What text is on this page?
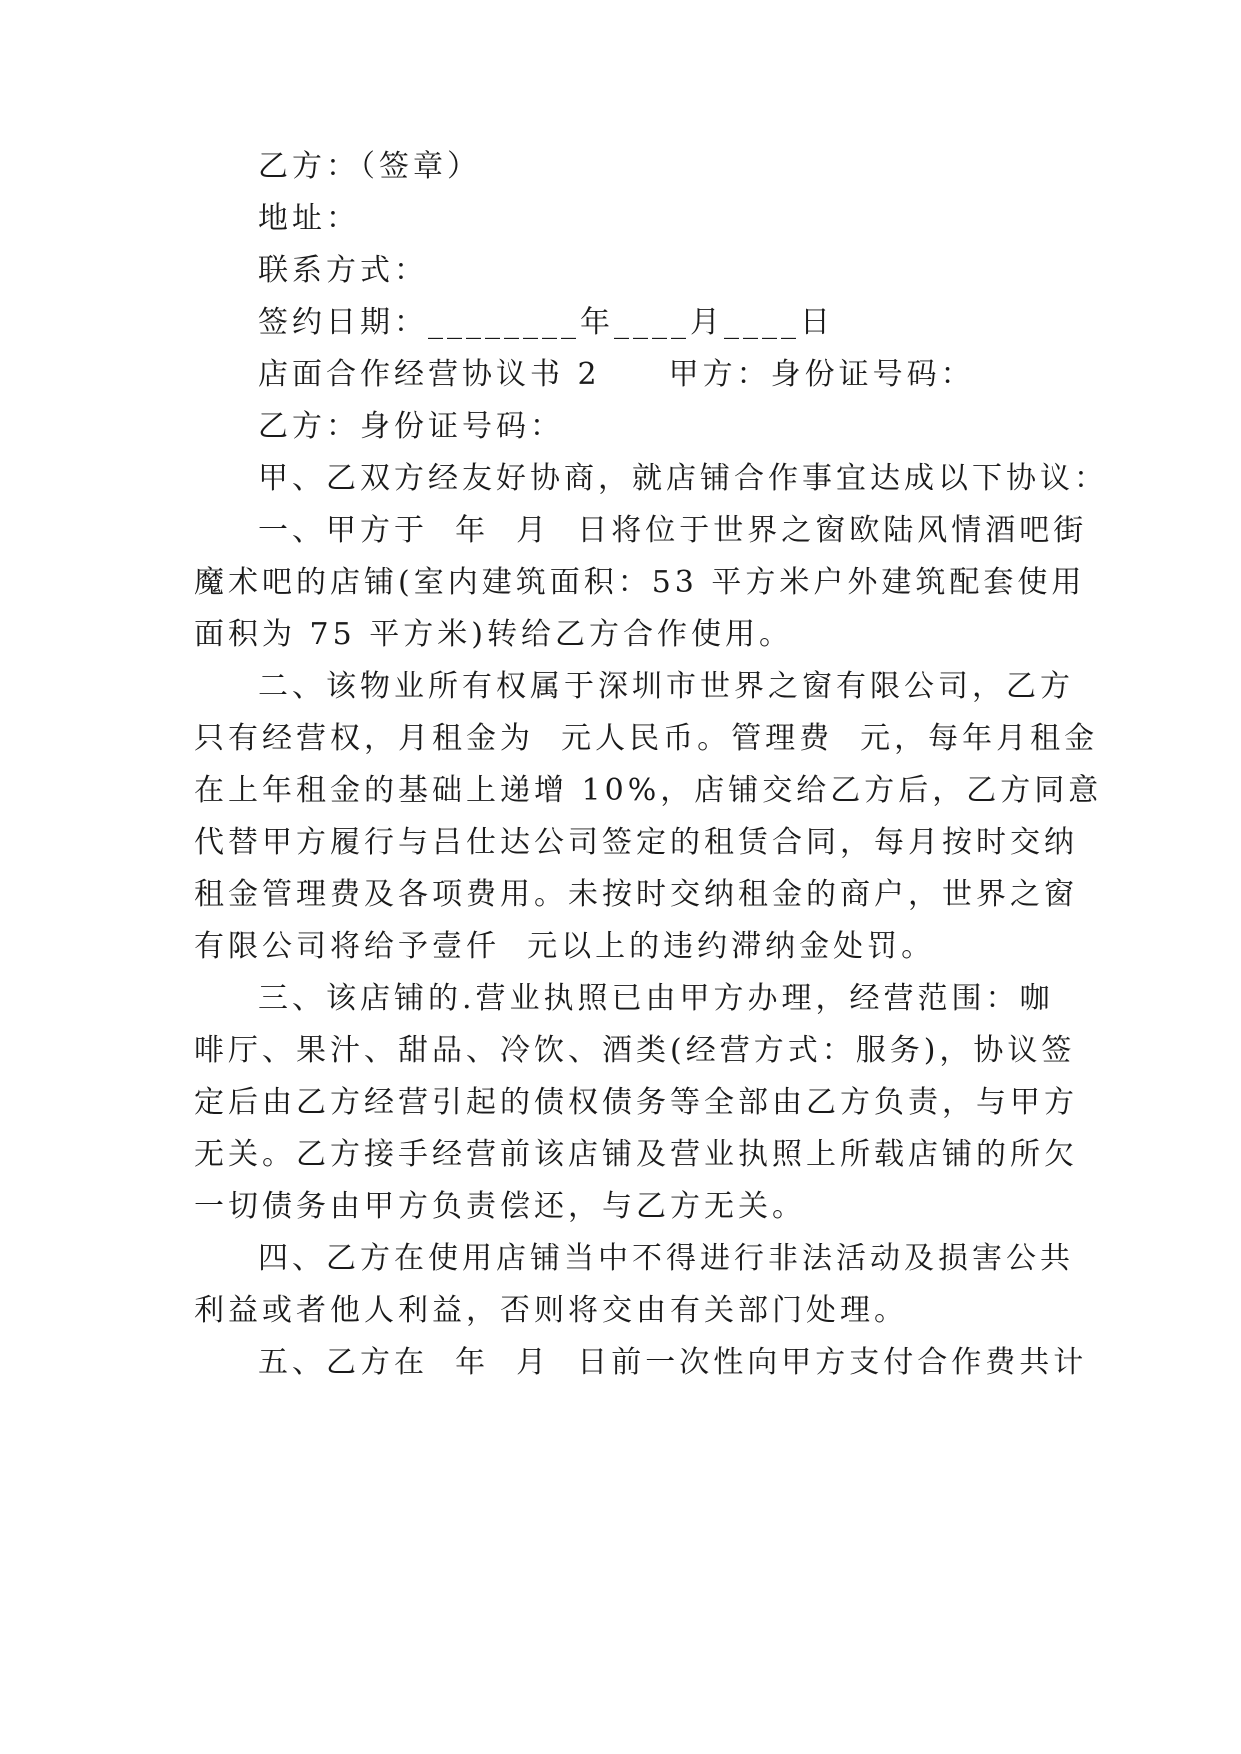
乙方：（签章）
地址：
联系方式：
签约日期：________年____月____日
店面合作经营协议书 2　　甲方：身份证号码：
乙方：身份证号码：
甲、乙双方经友好协商，就店铺合作事宜达成以下协议：
一、甲方于  年  月  日将位于世界之窗欧陆风情酒吧街
魔术吧的店铺(室内建筑面积：53 平方米户外建筑配套使用
面积为 75 平方米)转给乙方合作使用。
二、该物业所有权属于深圳市世界之窗有限公司，乙方
只有经营权，月租金为  元人民币。管理费  元，每年月租金
在上年租金的基础上递增 10%，店铺交给乙方后，乙方同意
代替甲方履行与吕仕达公司签定的租赁合同，每月按时交纳
租金管理费及各项费用。未按时交纳租金的商户，世界之窗
有限公司将给予壹仟  元以上的违约滞纳金处罚。
三、该店铺的.营业执照已由甲方办理，经营范围：咖
啡厅、果汁、甜品、冷饮、酒类(经营方式：服务)，协议签
定后由乙方经营引起的债权债务等全部由乙方负责，与甲方
无关。乙方接手经营前该店铺及营业执照上所载店铺的所欠
一切债务由甲方负责偿还，与乙方无关。
四、乙方在使用店铺当中不得进行非法活动及损害公共
利益或者他人利益，否则将交由有关部门处理。
五、乙方在  年  月  日前一次性向甲方支付合作费共计
